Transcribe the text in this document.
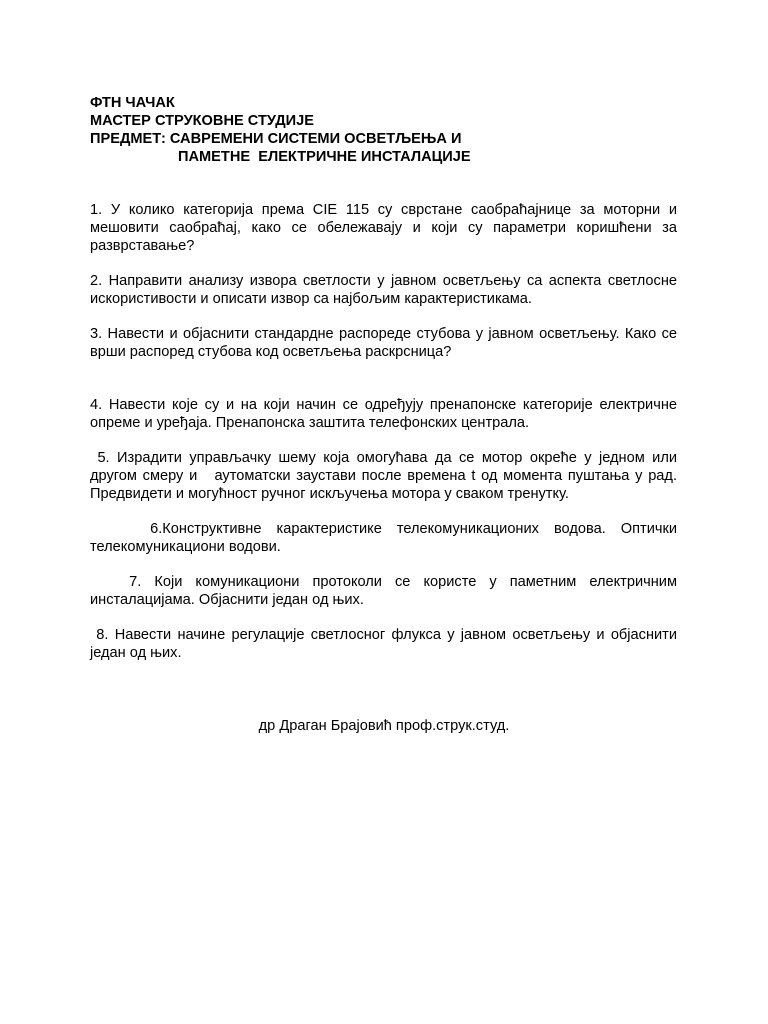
ФТН ЧАЧАК
МАСТЕР СТРУКОВНЕ СТУДИЈЕ
ПРЕДМЕТ: САВРЕМЕНИ СИСТЕМИ ОСВЕТЉЕЊА И
ПАМЕТНЕ  ЕЛЕКТРИЧНЕ ИНСТАЛАЦИЈЕ

1. У колико категорија према CIE 115 су сврстане саобраћајнице за моторни и мешовити саобраћај, како се обележавају и који су параметри коришћени за разврставање?

2. Направити анализу извора светлости у јавном осветљењу са аспекта светлосне искористивости и описати извор са најбољим карактеристикама.

3. Навести и објаснити стандардне распореде стубова у јавном осветљењу. Како се врши распоред стубова код осветљења раскрсница?

4. Навести које су и на који начин се одређују пренапонске категорије електричне опреме и уређаја. Пренапонска заштита телефонских централа.

5. Израдити управљачку шему која омогућава да се мотор окреће у једном или другом смеру и   аутоматски заустави после времена t од момента пуштања у рад. Предвидети и могућност ручног искључења мотора у сваком тренутку.

6.Конструктивне карактеристике телекомуникационих водова. Оптички телекомуникациони водови.

7. Који комуникациони протоколи се користе у паметним електричним инсталацијама. Објаснити један од њих.

8. Навести начине регулације светлосног флукса у јавном осветљењу и објаснити један од њих.

др Драган Брајовић проф.струк.студ.
